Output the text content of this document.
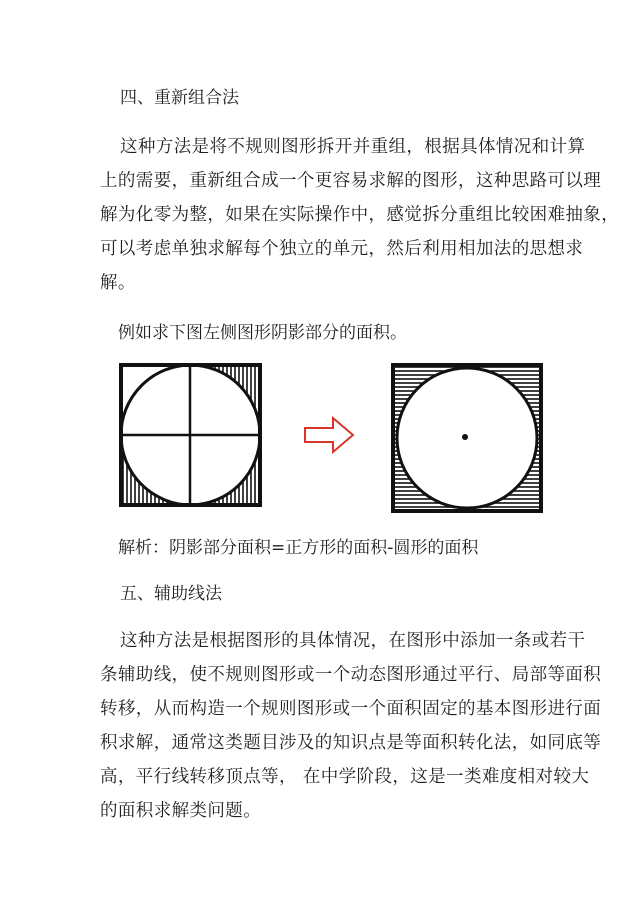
四、重新组合法
这种方法是将不规则图形拆开并重组，根据具体情况和计算
上的需要，重新组合成一个更容易求解的图形，这种思路可以理
解为化零为整，如果在实际操作中，感觉拆分重组比较困难抽象，
可以考虑单独求解每个独立的单元，然后利用相加法的思想求
解。
例如求下图左侧图形阴影部分的面积。
解析：阴影部分面积=正方形的面积-圆形的面积
五、辅助线法
这种方法是根据图形的具体情况，在图形中添加一条或若干
条辅助线，使不规则图形或一个动态图形通过平行、局部等面积
转移，从而构造一个规则图形或一个面积固定的基本图形进行面
积求解，通常这类题目涉及的知识点是等面积转化法，如同底等
高，平行线转移顶点等， 在中学阶段，这是一类难度相对较大
的面积求解类问题。
